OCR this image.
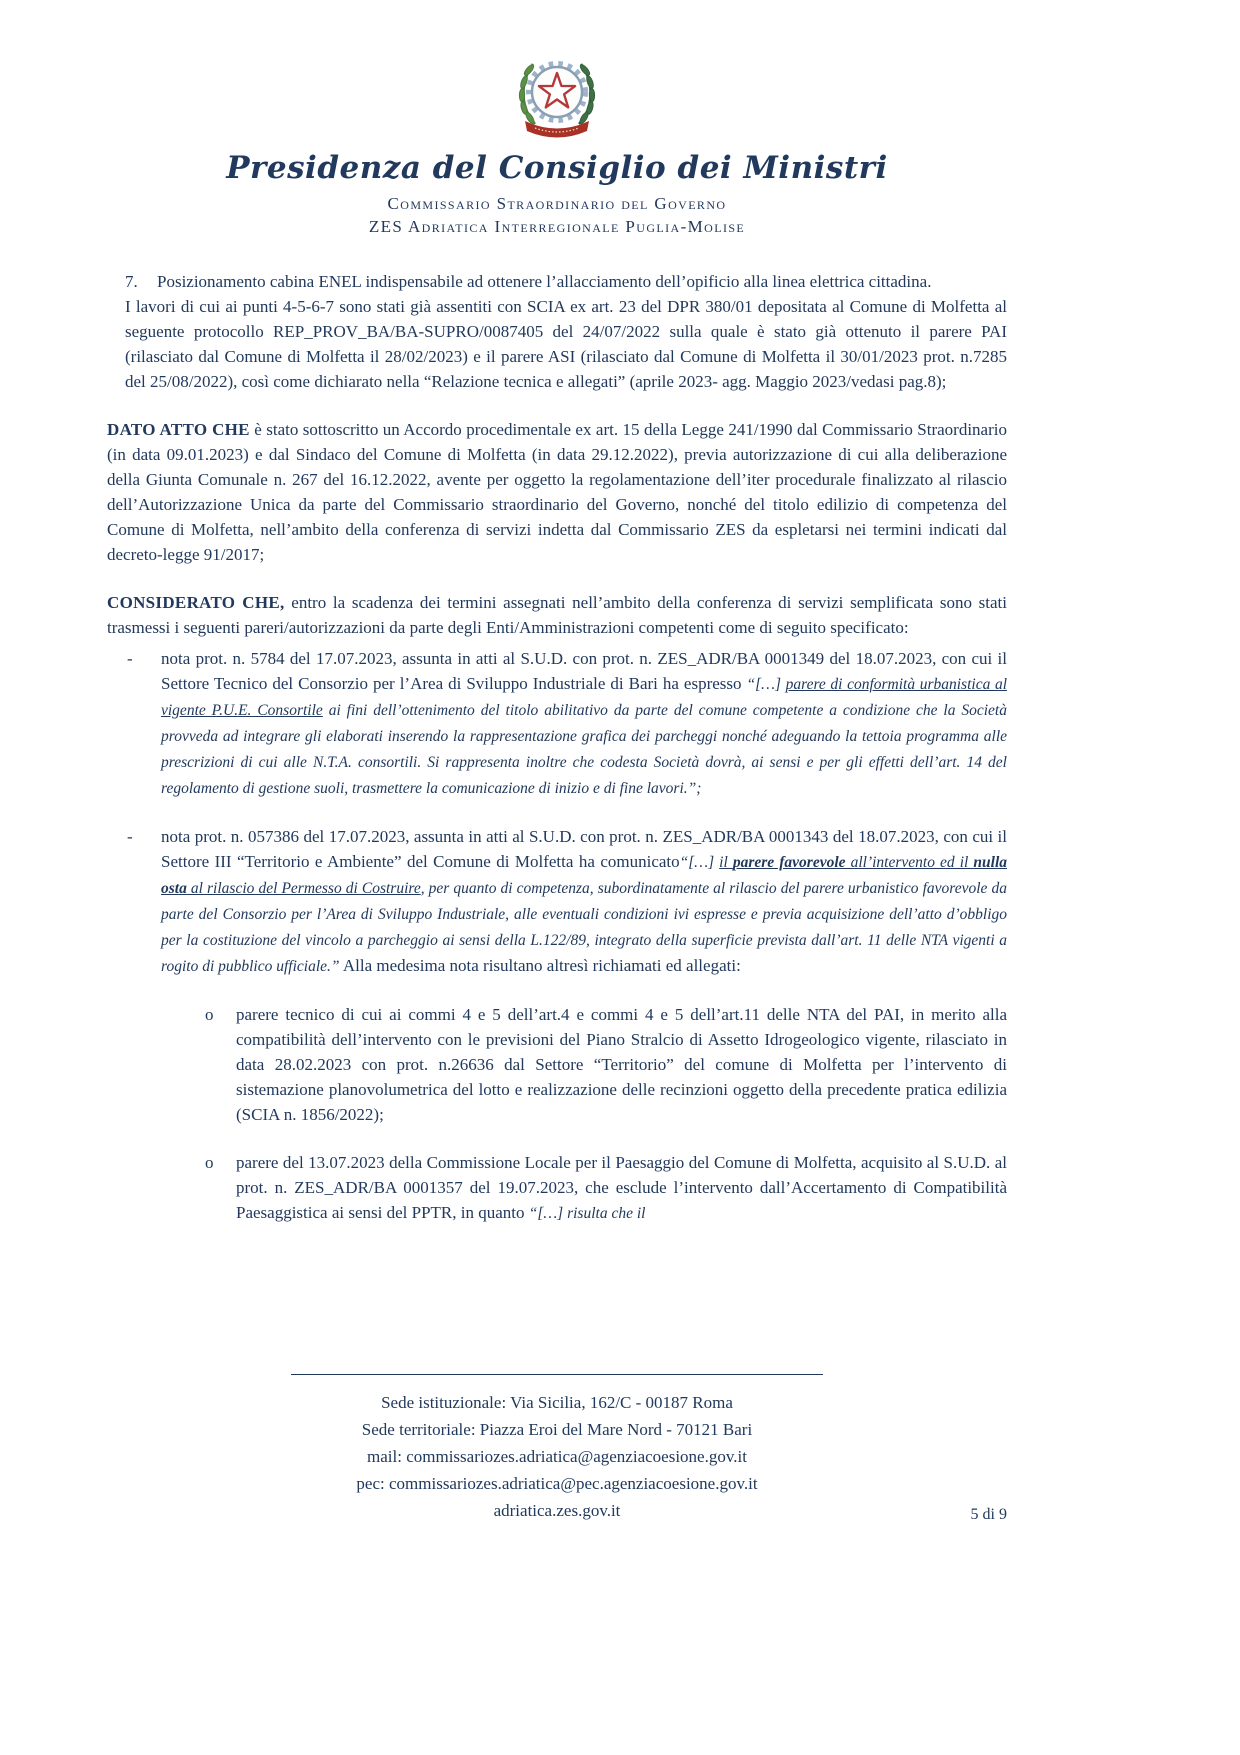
Presidenza del Consiglio dei Ministri
Commissario Straordinario del Governo
ZES Adriatica Interregionale Puglia-Molise
7.	Posizionamento cabina ENEL indispensabile ad ottenere l’allacciamento dell’opificio alla linea elettrica cittadina.

I lavori di cui ai punti 4-5-6-7 sono stati già assentiti con SCIA ex art. 23 del DPR 380/01 depositata al Comune di Molfetta al seguente protocollo REP_PROV_BA/BA-SUPRO/0087405 del 24/07/2022 sulla quale è stato già ottenuto il parere PAI (rilasciato dal Comune di Molfetta il 28/02/2023) e il parere ASI (rilasciato dal Comune di Molfetta il 30/01/2023 prot. n.7285 del 25/08/2022), così come dichiarato nella “Relazione tecnica e allegati” (aprile 2023- agg. Maggio 2023/vedasi pag.8);

DATO ATTO CHE è stato sottoscritto un Accordo procedimentale ex art. 15 della Legge 241/1990 dal Commissario Straordinario (in data 09.01.2023) e dal Sindaco del Comune di Molfetta (in data 29.12.2022), previa autorizzazione di cui alla deliberazione della Giunta Comunale n. 267 del 16.12.2022, avente per oggetto la regolamentazione dell’iter procedurale finalizzato al rilascio dell’Autorizzazione Unica da parte del Commissario straordinario del Governo, nonché del titolo edilizio di competenza del Comune di Molfetta, nell’ambito della conferenza di servizi indetta dal Commissario ZES da espletarsi nei termini indicati dal decreto-legge 91/2017;

CONSIDERATO CHE, entro la scadenza dei termini assegnati nell’ambito della conferenza di servizi semplificata sono stati trasmessi i seguenti pareri/autorizzazioni da parte degli Enti/Amministrazioni competenti come di seguito specificato:

-	nota prot. n. 5784 del 17.07.2023, assunta in atti al S.U.D. con prot. n. ZES_ADR/BA 0001349 del 18.07.2023, con cui il Settore Tecnico del Consorzio per l’Area di Sviluppo Industriale di Bari ha espresso “[…] parere di conformità urbanistica al vigente P.U.E. Consortile ai fini dell’ottenimento del titolo abilitativo da parte del comune competente a condizione che la Società provveda ad integrare gli elaborati inserendo la rappresentazione grafica dei parcheggi nonché adeguando la tettoia programma alle prescrizioni di cui alle N.T.A. consortili. Si rappresenta inoltre che codesta Società dovrà, ai sensi e per gli effetti dell’art. 14 del regolamento di gestione suoli, trasmettere la comunicazione di inizio e di fine lavori.”;
-	nota prot. n. 057386 del 17.07.2023, assunta in atti al S.U.D. con prot. n. ZES_ADR/BA 0001343 del 18.07.2023, con cui il Settore III “Territorio e Ambiente” del Comune di Molfetta ha comunicato“[…] il parere favorevole all’intervento ed il nulla osta al rilascio del Permesso di Costruire, per quanto di competenza, subordinatamente al rilascio del parere urbanistico favorevole da parte del Consorzio per l’Area di Sviluppo Industriale, alle eventuali condizioni ivi espresse e previa acquisizione dell’atto d’obbligo per la costituzione del vincolo a parcheggio ai sensi della L.122/89, integrato della superficie prevista dall’art. 11 delle NTA vigenti a rogito di pubblico ufficiale.” Alla medesima nota risultano altresì richiamati ed allegati:
o	parere tecnico di cui ai commi 4 e 5 dell’art.4 e commi 4 e 5 dell’art.11 delle NTA del PAI, in merito alla compatibilità dell’intervento con le previsioni del Piano Stralcio di Assetto Idrogeologico vigente, rilasciato in data 28.02.2023 con prot. n.26636 dal Settore “Territorio” del comune di Molfetta per l’intervento di sistemazione planovolumetrica del lotto e realizzazione delle recinzioni oggetto della precedente pratica edilizia (SCIA n. 1856/2022);
o	parere del 13.07.2023 della Commissione Locale per il Paesaggio del Comune di Molfetta, acquisito al S.U.D. al prot. n. ZES_ADR/BA 0001357 del 19.07.2023, che esclude l’intervento dall’Accertamento di Compatibilità Paesaggistica ai sensi del PPTR, in quanto “[…] risulta che il
Sede istituzionale: Via Sicilia, 162/C - 00187 Roma
Sede territoriale: Piazza Eroi del Mare Nord - 70121 Bari
mail: commissariozes.adriatica@agenziacoesione.gov.it
pec: commissariozes.adriatica@pec.agenziacoesione.gov.it
adriatica.zes.gov.it	5 di 9
